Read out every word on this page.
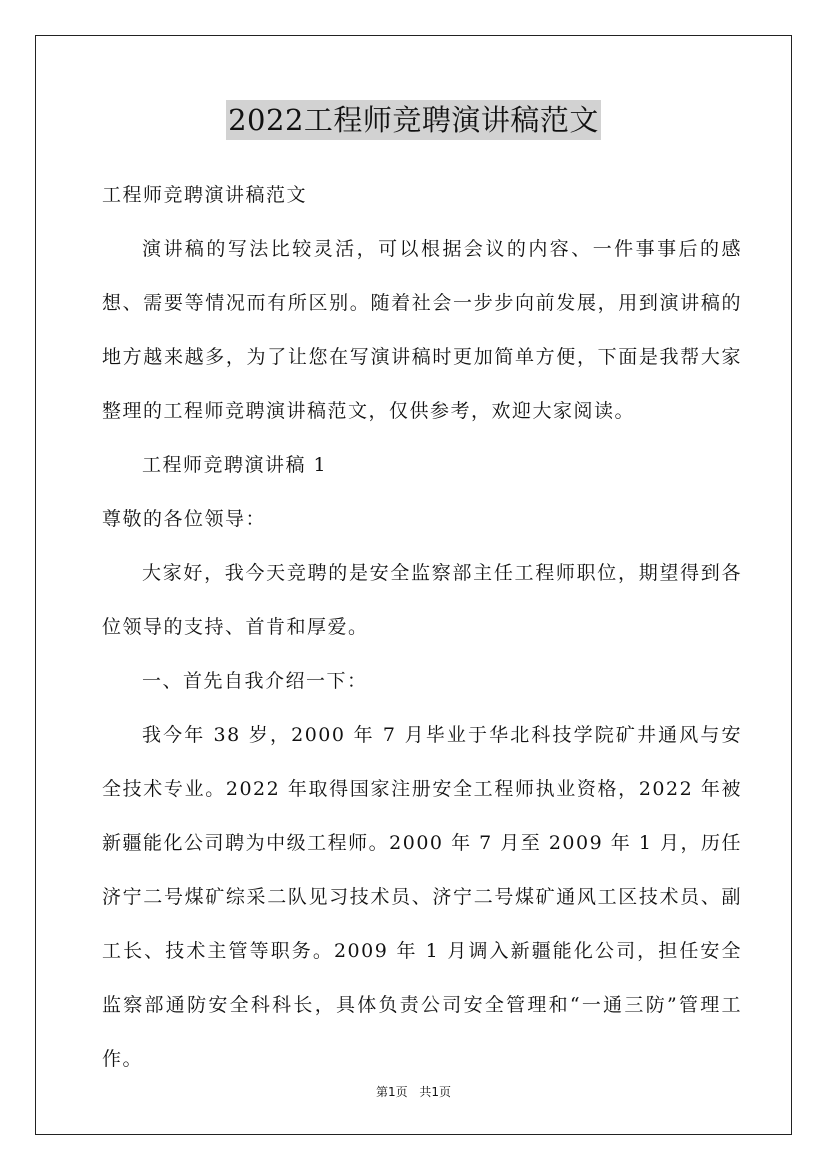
2022工程师竞聘演讲稿范文

工程师竞聘演讲稿范文

演讲稿的写法比较灵活，可以根据会议的内容、一件事事后的感想、需要等情况而有所区别。随着社会一步步向前发展，用到演讲稿的地方越来越多，为了让您在写演讲稿时更加简单方便，下面是我帮大家整理的工程师竞聘演讲稿范文，仅供参考，欢迎大家阅读。

工程师竞聘演讲稿 1

尊敬的各位领导：

大家好，我今天竞聘的是安全监察部主任工程师职位，期望得到各位领导的支持、首肯和厚爱。

一、首先自我介绍一下：

我今年 38 岁，2000 年 7 月毕业于华北科技学院矿井通风与安全技术专业。2022 年取得国家注册安全工程师执业资格，2022 年被新疆能化公司聘为中级工程师。2000 年 7 月至 2009 年 1 月，历任济宁二号煤矿综采二队见习技术员、济宁二号煤矿通风工区技术员、副工长、技术主管等职务。2009 年 1 月调入新疆能化公司，担任安全监察部通防安全科科长，具体负责公司安全管理和“一通三防”管理工作。

第1页 共1页
